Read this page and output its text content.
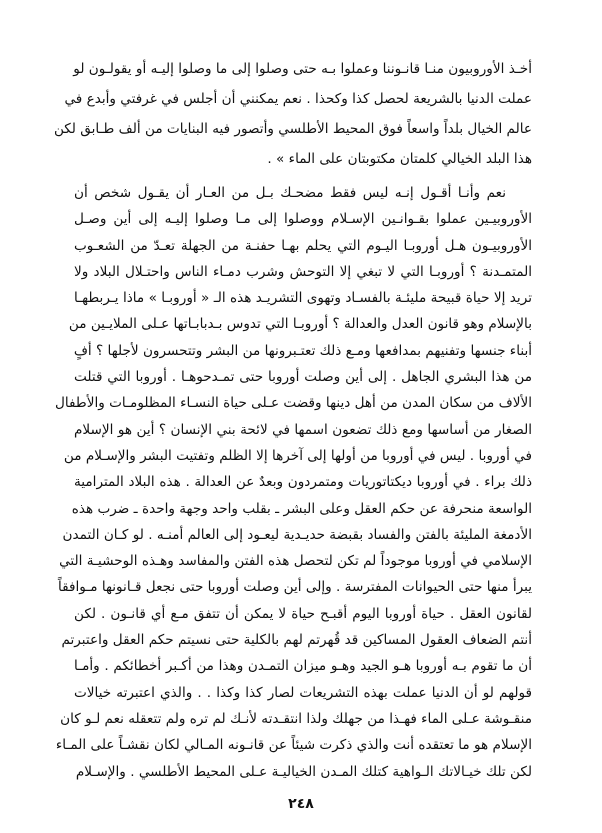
أخـذ الأوروبيون منـا قانـوننا وعملوا بـه حتى وصلوا إلى ما وصلوا إليـه أو يقولـون لو
عملت الدنيا بالشريعة لحصل كذا وكحذا . نعم يمكنني أن أجلس في غرفتي وأبدع في
عالم الخيال بلداً واسعاً فوق المحيط الأطلسي وأتصور فيه البنايات من ألف طـابق لكن
هذا البلد الخيالي كلمتان مكتوبتان على الماء » .
نعم وأنـا أقـول إنـه ليس فقط مضحـك بـل من العـار أن يقـول شخص أن
الأوروبيـين عملوا بقـوانـين الإسـلام ووصلوا إلى مـا وصلوا إليـه إلى أين وصـل
الأوروبيـون هـل أوروبـا اليـوم التي يحلم بهـا حفنـة من الجهلة تعـدّ من الشعـوب
المتمـدنة ؟ أوروبـا التي لا تبغي إلا التوحش وشرب دمـاء الناس واحتـلال البلاد ولا
تريد إلا حياة قبيحة مليئـة بالفسـاد وتهوى التشريـد هذه الـ « أوروبـا » ماذا يـربطهـا
بالإسلام وهو قانون العدل والعدالة ؟ أوروبـا التي تدوس بـدبابـاتها عـلى الملايـين من
أبناء جنسها وتفنيهم بمدافعها ومـع ذلك تعتـبرونها من البشر وتتحسرون لأجلها ؟ أفٍ
من هذا البشري الجاهل . إلى أين وصلت أوروبا حتى تمـدحوهـا . أوروبا التي قتلت
الألاف من سكان المدن من أهل دينها وقضت عـلى حياة النسـاء المظلومـات والأطفال
الصغار من أساسها ومع ذلك تضعون اسمها في لائحة بني الإنسان ؟ أين هو الإسلام
في أوروبا . ليس في أوروبا من أولها إلى آخرها إلا الظلم وتفتيت البشر والإسـلام من
ذلك براء . في أوروبا ديكتاتوريات ومتمردون وبعدٌ عن العدالة . هذه البلاد المترامية
الواسعة منحرفة عن حكم العقل وعلى البشر ـ بقلب واحد وجهة واحدة ـ ضرب هذه
الأدمغة المليئة بالفتن والفساد بقبضة حديـدية ليعـود إلى العالم أمنـه . لو كـان التمدن
الإسلامي في أوروبا موجوداً لم تكن لتحصل هذه الفتن والمفاسد وهـذه الوحشيـة التي
يبرأ منها حتى الحيوانات المفترسة . وإلى أين وصلت أوروبا حتى نجعل قـانونها مـوافقاً
لقانون العقل . حياة أوروبا اليوم أقبـح حياة لا يمكن أن تتفق مـع أي قانـون . لكن
أنتم الضعاف العقول المساكين قد قُهرتم لهم بالكلية حتى نسيتم حكم العقل واعتبرتم
أن ما تقوم بـه أوروبا هـو الجيد وهـو ميزان التمـدن وهذا من أكـبر أخطائكم . وأمـا
قولهم لو أن الدنيا عملت بهذه التشريعات لصار كذا وكذا . . والذي اعتبرته خيالات
منقـوشة عـلى الماء فهـذا من جهلك ولذا انتقـدته لأنـك لم تره ولم تتعقله نعم لـو كان
الإسلام هو ما تعتقده أنت والذي ذكرت شيئاً عن قانـونه المـالي لكان نقشـاً على المـاء
لكن تلك خيـالاتك الـواهية كتلك المـدن الخياليـة عـلى المحيط الأطلسي . والإسـلام
٢٤٨
